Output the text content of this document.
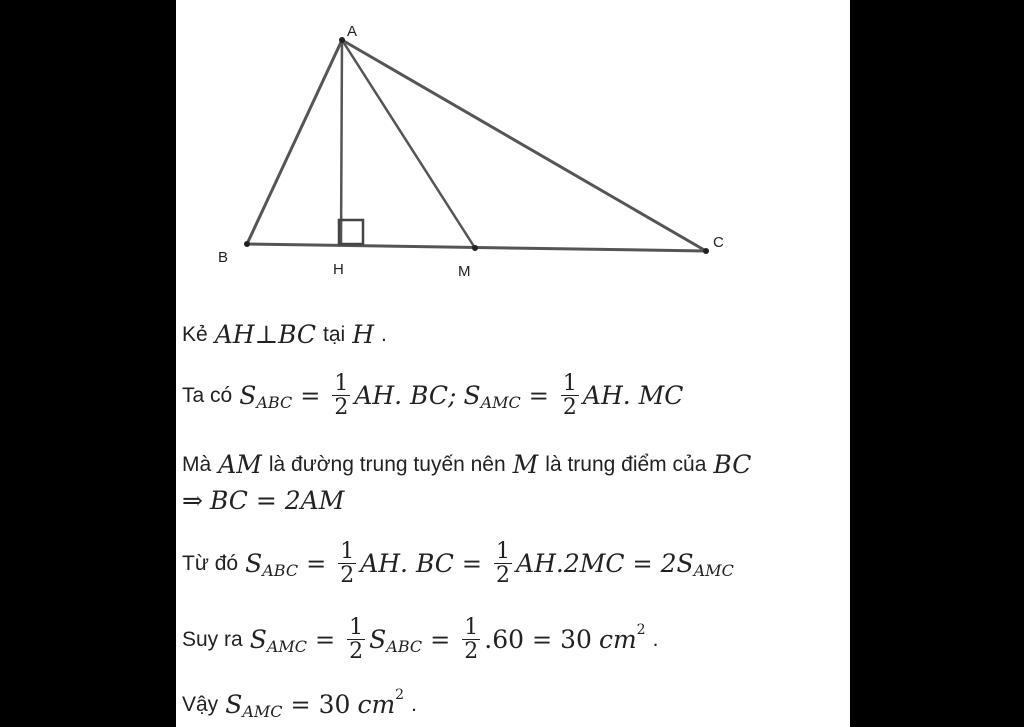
A
B
C
H	M
Kẻ AH ⊥ BC tại H .
Ta có S ABC = $\frac{1}{2}$ AH. BC; S AMC = $\frac{1}{2}$ AH. MC
Mà AM là đường trung tuyến nên M là trung điểm của BC
⇒ BC = 2AM
Từ đó S ABC = $\frac{1}{2}$ AH. BC = $\frac{1}{2} AH.2MC = 2S$ AMC
Suy ra S AMC = $\frac{1}{2}$ S ABC = $\frac{1}{2} .60 = 30$ cm 2 .
Vậy S AMC = 30 cm 2 .
